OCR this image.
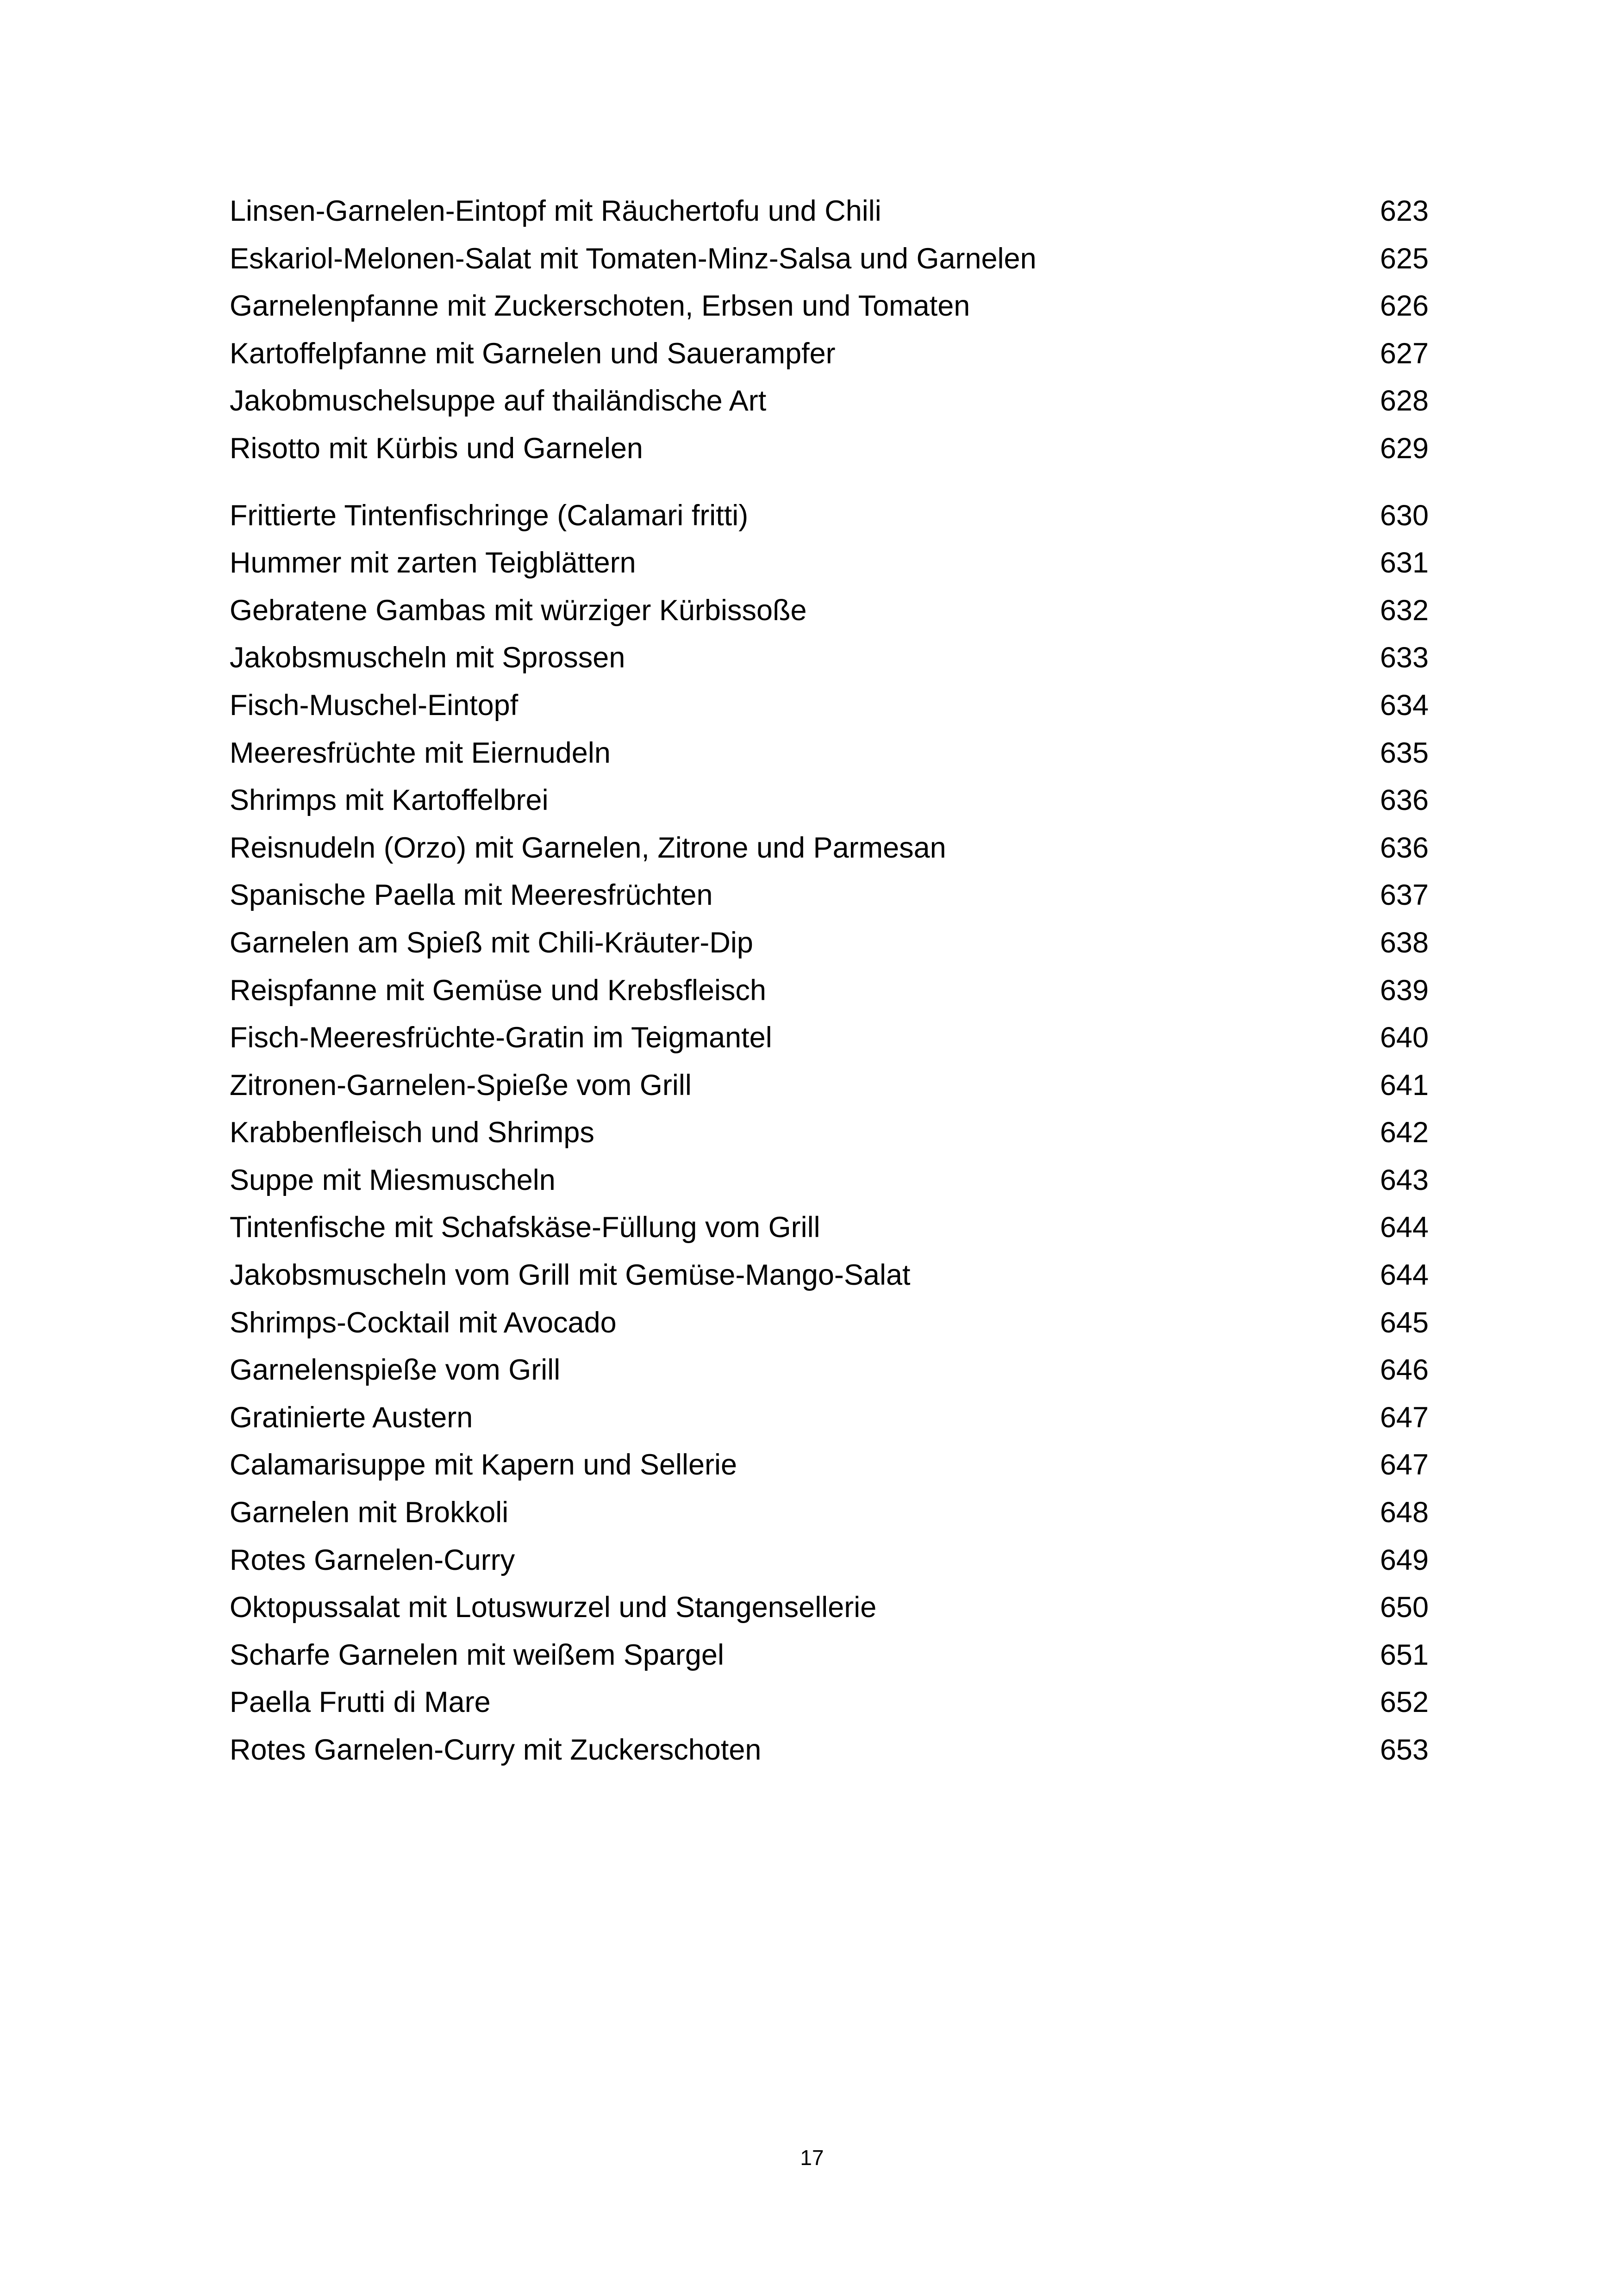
Linsen-Garnelen-Eintopf mit Räuchertofu und Chili	623
Eskariol-Melonen-Salat mit Tomaten-Minz-Salsa und Garnelen	625
Garnelenpfanne mit Zuckerschoten, Erbsen und Tomaten	626
Kartoffelpfanne mit Garnelen und Sauerampfer	627
Jakobmuschelsuppe auf thailändische Art	628
Risotto mit Kürbis und Garnelen	629
Frittierte Tintenfischringe (Calamari fritti)	630
Hummer mit zarten Teigblättern	631
Gebratene Gambas mit würziger Kürbissoße	632
Jakobsmuscheln mit Sprossen	633
Fisch-Muschel-Eintopf	634
Meeresfrüchte mit Eiernudeln	635
Shrimps mit Kartoffelbrei	636
Reisnudeln (Orzo) mit Garnelen, Zitrone und Parmesan	636
Spanische Paella mit Meeresfrüchten	637
Garnelen am Spieß mit Chili-Kräuter-Dip	638
Reispfanne mit Gemüse und Krebsfleisch	639
Fisch-Meeresfrüchte-Gratin im Teigmantel	640
Zitronen-Garnelen-Spieße vom Grill	641
Krabbenfleisch und Shrimps	642
Suppe mit Miesmuscheln	643
Tintenfische mit Schafskäse-Füllung vom Grill	644
Jakobsmuscheln vom Grill mit Gemüse-Mango-Salat	644
Shrimps-Cocktail mit Avocado	645
Garnelenspieße vom Grill	646
Gratinierte Austern	647
Calamarisuppe mit Kapern und Sellerie	647
Garnelen mit Brokkoli	648
Rotes Garnelen-Curry	649
Oktopussalat mit Lotuswurzel und Stangensellerie	650
Scharfe Garnelen mit weißem Spargel	651
Paella Frutti di Mare	652
Rotes Garnelen-Curry mit Zuckerschoten	653
17
